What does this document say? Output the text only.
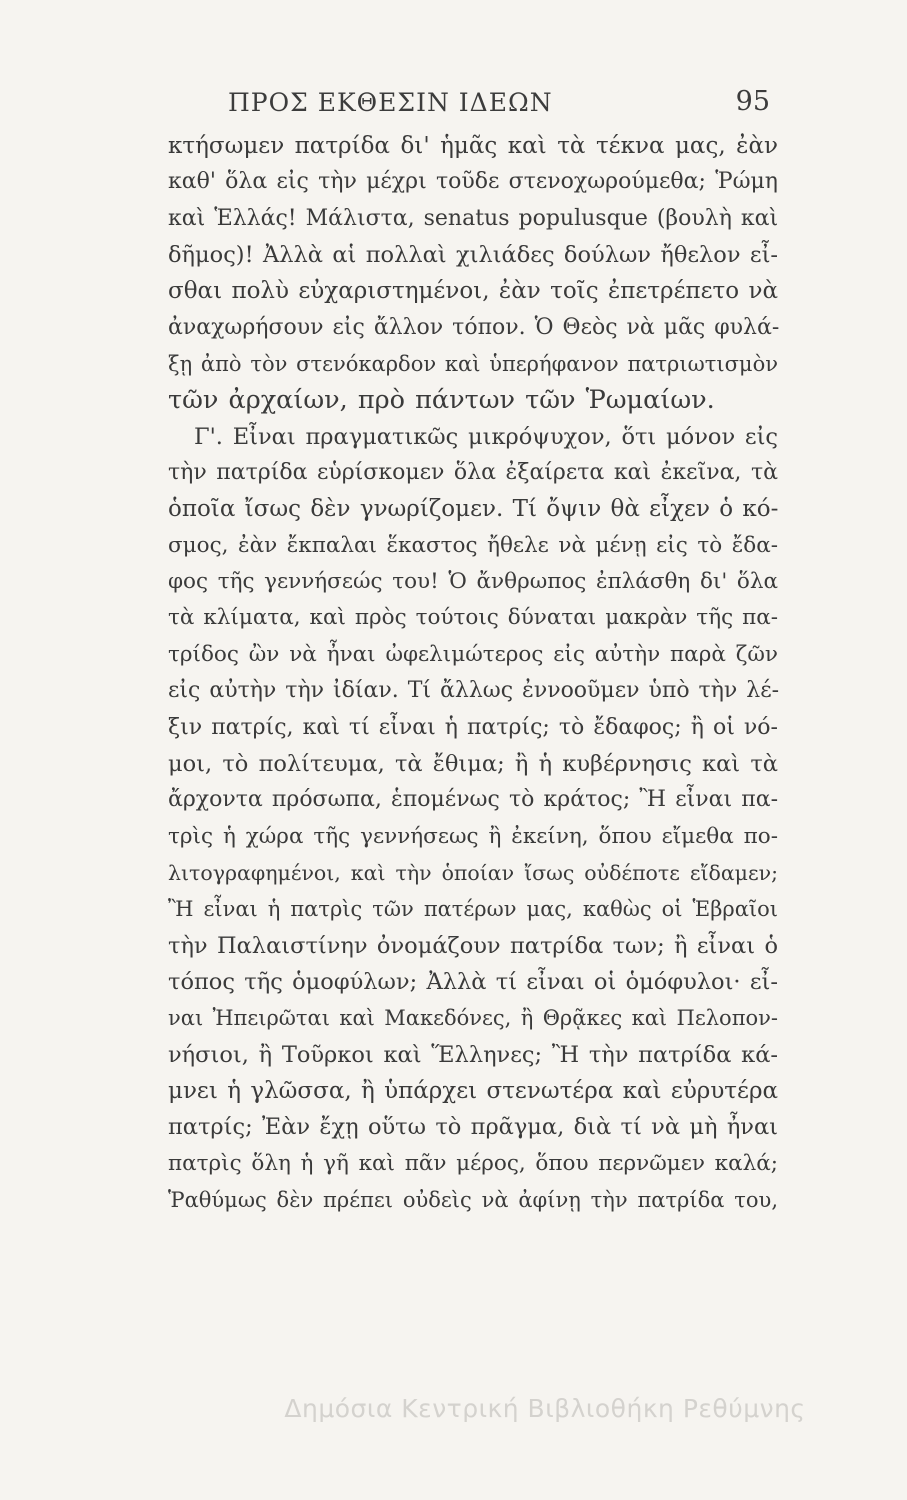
ΠΡΟΣ ΕΚΘΕΣΙΝ ΙΔΕΩΝ	95
κτήσωμεν πατρίδα δι' ἡμᾶς καὶ τὰ τέκνα μας, ἐὰν
καθ' ὅλα εἰς τὴν μέχρι τοῦδε στενοχωρούμεθα; Ῥώμη
καὶ Ἑλλάς! Μάλιστα, senatus populusque (βουλὴ καὶ
δῆμος)! Ἀλλὰ αἱ πολλαὶ χιλιάδες δούλων ἤθελον εἶ-
σθαι πολὺ εὐχαριστημένοι, ἐὰν τοῖς ἐπετρέπετο νὰ
ἀναχωρήσουν εἰς ἄλλον τόπον. Ὁ Θεὸς νὰ μᾶς φυλά-
ξῃ ἀπὸ τὸν στενόκαρδον καὶ ὑπερήφανον πατριωτισμὸν
τῶν ἀρχαίων, πρὸ πάντων τῶν Ῥωμαίων.
Γ'. Εἶναι πραγματικῶς μικρόψυχον, ὅτι μόνον εἰς
τὴν πατρίδα εὑρίσκομεν ὅλα ἐξαίρετα καὶ ἐκεῖνα, τὰ
ὁποῖα ἴσως δὲν γνωρίζομεν. Τί ὄψιν θὰ εἶχεν ὁ κό-
σμος, ἐὰν ἔκπαλαι ἕκαστος ἤθελε νὰ μένῃ εἰς τὸ ἔδα-
φος τῆς γεννήσεώς του! Ὁ ἄνθρωπος ἐπλάσθη δι' ὅλα
τὰ κλίματα, καὶ πρὸς τούτοις δύναται μακρὰν τῆς πα-
τρίδος ὢν νὰ ἦναι ὠφελιμώτερος εἰς αὐτὴν παρὰ ζῶν
εἰς αὐτὴν τὴν ἰδίαν. Τί ἄλλως ἐννοοῦμεν ὑπὸ τὴν λέ-
ξιν πατρίς, καὶ τί εἶναι ἡ πατρίς; τὸ ἔδαφος; ἢ οἱ νό-
μοι, τὸ πολίτευμα, τὰ ἔθιμα; ἢ ἡ κυβέρνησις καὶ τὰ
ἄρχοντα πρόσωπα, ἑπομένως τὸ κράτος; Ἢ εἶναι πα-
τρὶς ἡ χώρα τῆς γεννήσεως ἢ ἐκείνη, ὅπου εἴμεθα πο-
λιτογραφημένοι, καὶ τὴν ὁποίαν ἴσως οὐδέποτε εἴδαμεν;
Ἢ εἶναι ἡ πατρὶς τῶν πατέρων μας, καθὼς οἱ Ἑβραῖοι
τὴν Παλαιστίνην ὀνομάζουν πατρίδα των; ἢ εἶναι ὁ
τόπος τῆς ὁμοφύλων; Ἀλλὰ τί εἶναι οἱ ὁμόφυλοι· εἶ-
ναι Ἠπειρῶται καὶ Μακεδόνες, ἢ Θρᾷκες καὶ Πελοπον-
νήσιοι, ἢ Τοῦρκοι καὶ Ἕλληνες; Ἢ τὴν πατρίδα κά-
μνει ἡ γλῶσσα, ἢ ὑπάρχει στενωτέρα καὶ εὐρυτέρα
πατρίς; Ἐὰν ἔχῃ οὕτω τὸ πρᾶγμα, διὰ τί νὰ μὴ ἦναι
πατρὶς ὅλη ἡ γῆ καὶ πᾶν μέρος, ὅπου περνῶμεν καλά;
Ῥαθύμως δὲν πρέπει οὐδεὶς νὰ ἀφίνῃ τὴν πατρίδα του,
Δημόσια Κεντρική Βιβλιοθήκη Ρεθύμνης
